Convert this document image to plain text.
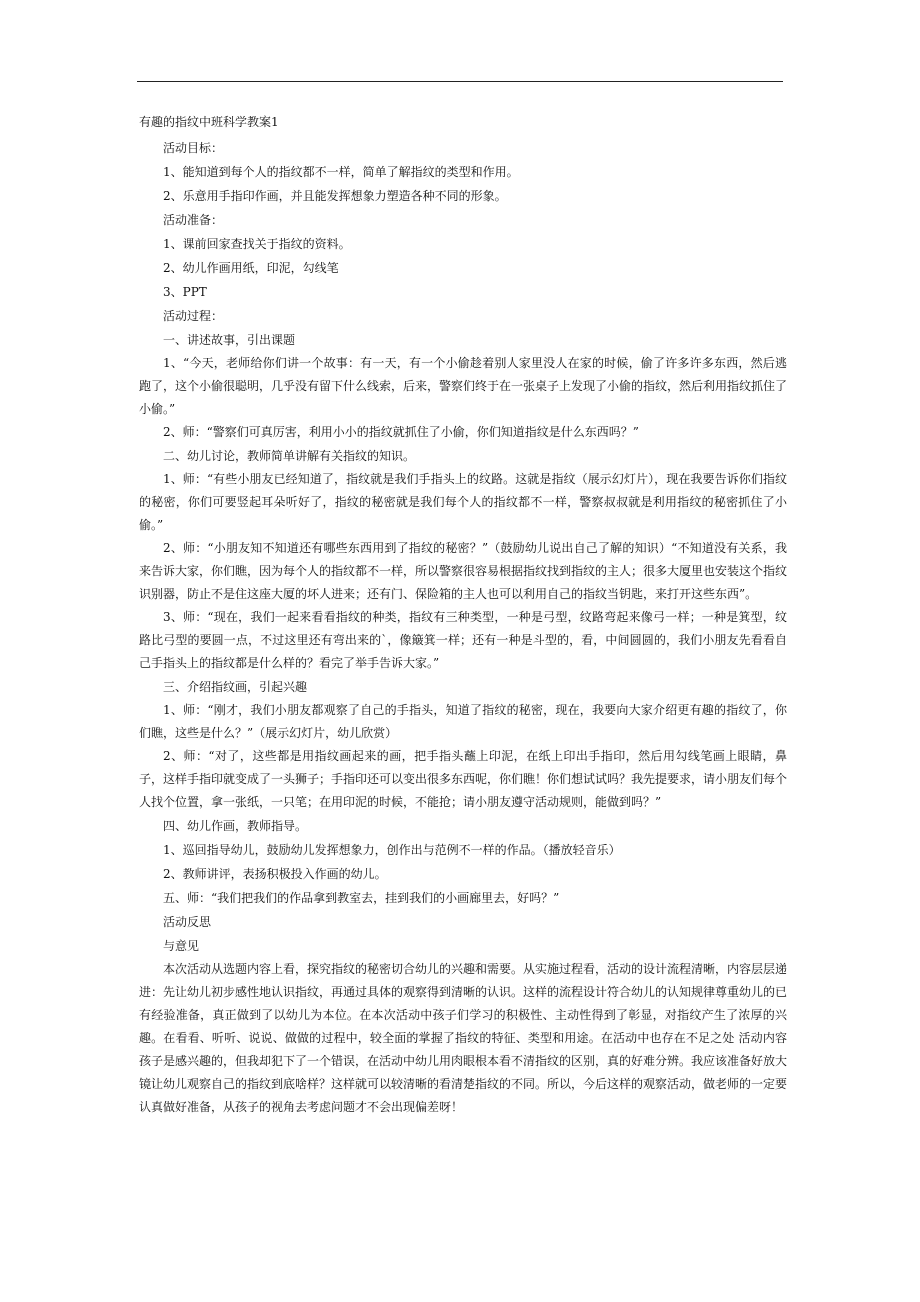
有趣的指纹中班科学教案1

活动目标：

1、能知道到每个人的指纹都不一样，简单了解指纹的类型和作用。

2、乐意用手指印作画，并且能发挥想象力塑造各种不同的形象。

活动准备：

1、课前回家查找关于指纹的资料。

2、幼儿作画用纸，印泥，勾线笔

3、PPT

活动过程：

一、讲述故事，引出课题

1、“今天，老师给你们讲一个故事：有一天，有一个小偷趁着别人家里没人在家的时候，偷了许多许多东西，然后逃跑了，这个小偷很聪明，几乎没有留下什么线索，后来，警察们终于在一张桌子上发现了小偷的指纹，然后利用指纹抓住了小偷。”

2、师：“警察们可真厉害，利用小小的指纹就抓住了小偷，你们知道指纹是什么东西吗？”

二、幼儿讨论，教师简单讲解有关指纹的知识。

1、师：“有些小朋友已经知道了，指纹就是我们手指头上的纹路。这就是指纹（展示幻灯片），现在我要告诉你们指纹的秘密，你们可要竖起耳朵听好了，指纹的秘密就是我们每个人的指纹都不一样，警察叔叔就是利用指纹的秘密抓住了小偷。”

2、师：“小朋友知不知道还有哪些东西用到了指纹的秘密？”（鼓励幼儿说出自己了解的知识）“不知道没有关系，我来告诉大家，你们瞧，因为每个人的指纹都不一样，所以警察很容易根据指纹找到指纹的主人；很多大厦里也安装这个指纹识别器，防止不是住这座大厦的坏人进来；还有门、保险箱的主人也可以利用自己的指纹当钥匙，来打开这些东西”。

3、师：“现在，我们一起来看看指纹的种类，指纹有三种类型，一种是弓型，纹路弯起来像弓一样；一种是箕型，纹路比弓型的要圆一点，不过这里还有弯出来的`，像簸箕一样；还有一种是斗型的，看，中间圆圆的，我们小朋友先看看自己手指头上的指纹都是什么样的？看完了举手告诉大家。”

三、介绍指纹画，引起兴趣

1、师：“刚才，我们小朋友都观察了自己的手指头，知道了指纹的秘密，现在，我要向大家介绍更有趣的指纹了，你们瞧，这些是什么？”（展示幻灯片，幼儿欣赏）

2、师：“对了，这些都是用指纹画起来的画，把手指头蘸上印泥，在纸上印出手指印，然后用勾线笔画上眼睛，鼻子，这样手指印就变成了一头狮子；手指印还可以变出很多东西呢，你们瞧！你们想试试吗？我先提要求，请小朋友们每个人找个位置，拿一张纸，一只笔；在用印泥的时候，不能抢；请小朋友遵守活动规则，能做到吗？”

四、幼儿作画，教师指导。

1、巡回指导幼儿，鼓励幼儿发挥想象力，创作出与范例不一样的作品。（播放轻音乐）

2、教师讲评，表扬积极投入作画的幼儿。

五、师：“我们把我们的作品拿到教室去，挂到我们的小画廊里去，好吗？”

活动反思

与意见

本次活动从选题内容上看，探究指纹的秘密切合幼儿的兴趣和需要。从实施过程看，活动的设计流程清晰，内容层层递进：先让幼儿初步感性地认识指纹，再通过具体的观察得到清晰的认识。这样的流程设计符合幼儿的认知规律尊重幼儿的已有经验准备，真正做到了以幼儿为本位。在本次活动中孩子们学习的积极性、主动性得到了彰显，对指纹产生了浓厚的兴趣。在看看、听听、说说、做做的过程中，较全面的掌握了指纹的特征、类型和用途。在活动中也存在不足之处 活动内容孩子是感兴趣的，但我却犯下了一个错误，在活动中幼儿用肉眼根本看不清指纹的区别，真的好难分辨。我应该准备好放大镜让幼儿观察自己的指纹到底啥样？这样就可以较清晰的看清楚指纹的不同。所以，今后这样的观察活动，做老师的一定要认真做好准备，从孩子的视角去考虑问题才不会出现偏差呀！
